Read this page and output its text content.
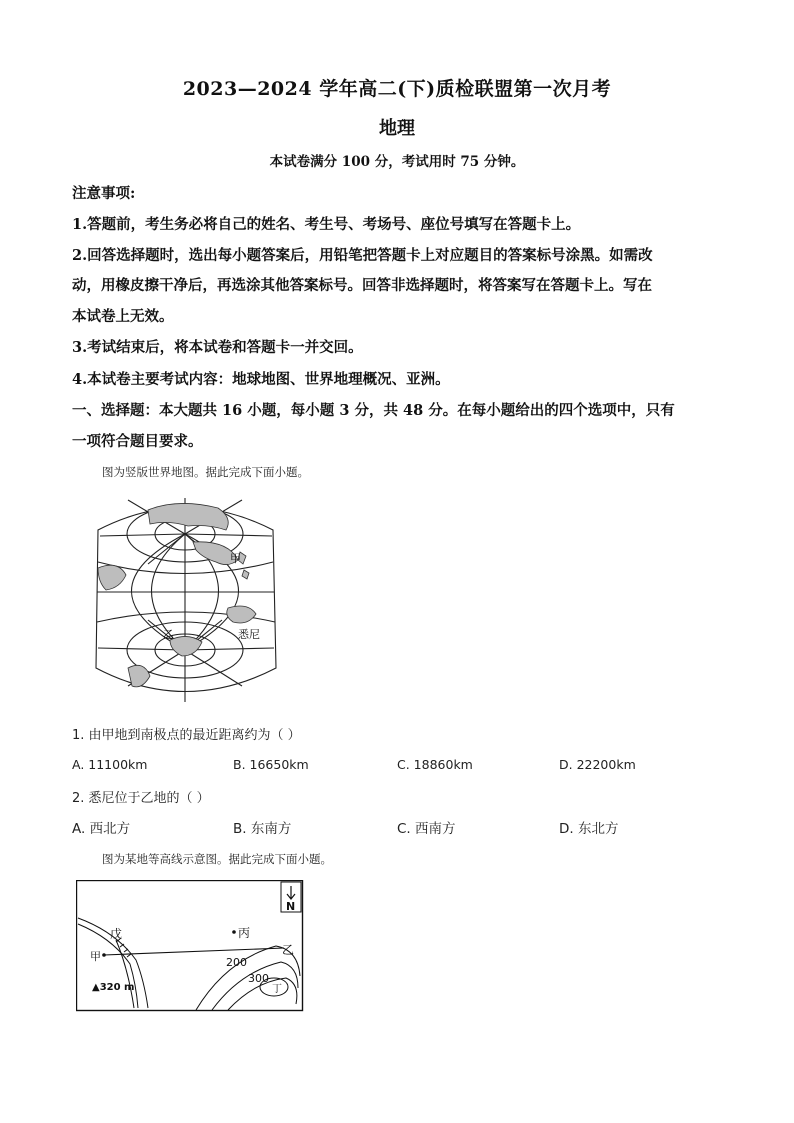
2023—2024 学年高二(下)质检联盟第一次月考
地理
本试卷满分 100 分，考试用时 75 分钟。
注意事项:
1.答题前，考生务必将自己的姓名、考生号、考场号、座位号填写在答题卡上。
2.回答选择题时，选出每小题答案后，用铅笔把答题卡上对应题目的答案标号涂黑。如需改
动，用橡皮擦干净后，再选涂其他答案标号。回答非选择题时，将答案写在答题卡上。写在
本试卷上无效。
3.考试结束后，将本试卷和答题卡一并交回。
4.本试卷主要考试内容：地球地图、世界地理概况、亚洲。
一、选择题：本大题共 16 小题，每小题 3 分，共 48 分。在每小题给出的四个选项中，只有
一项符合题目要求。
图为竖版世界地图。据此完成下面小题。
甲
乙	悉尼
1. 由甲地到南极点的最近距离约为（ ）
A. 11100km	B. 16650km	C. 18860km	D. 22200km
2. 悉尼位于乙地的（ ）
A. 西北方	B. 东南方	C. 西南方	D. 东北方
图为某地等高线示意图。据此完成下面小题。
N
戊
甲
丙
乙
200
300
丁
▲320 m
